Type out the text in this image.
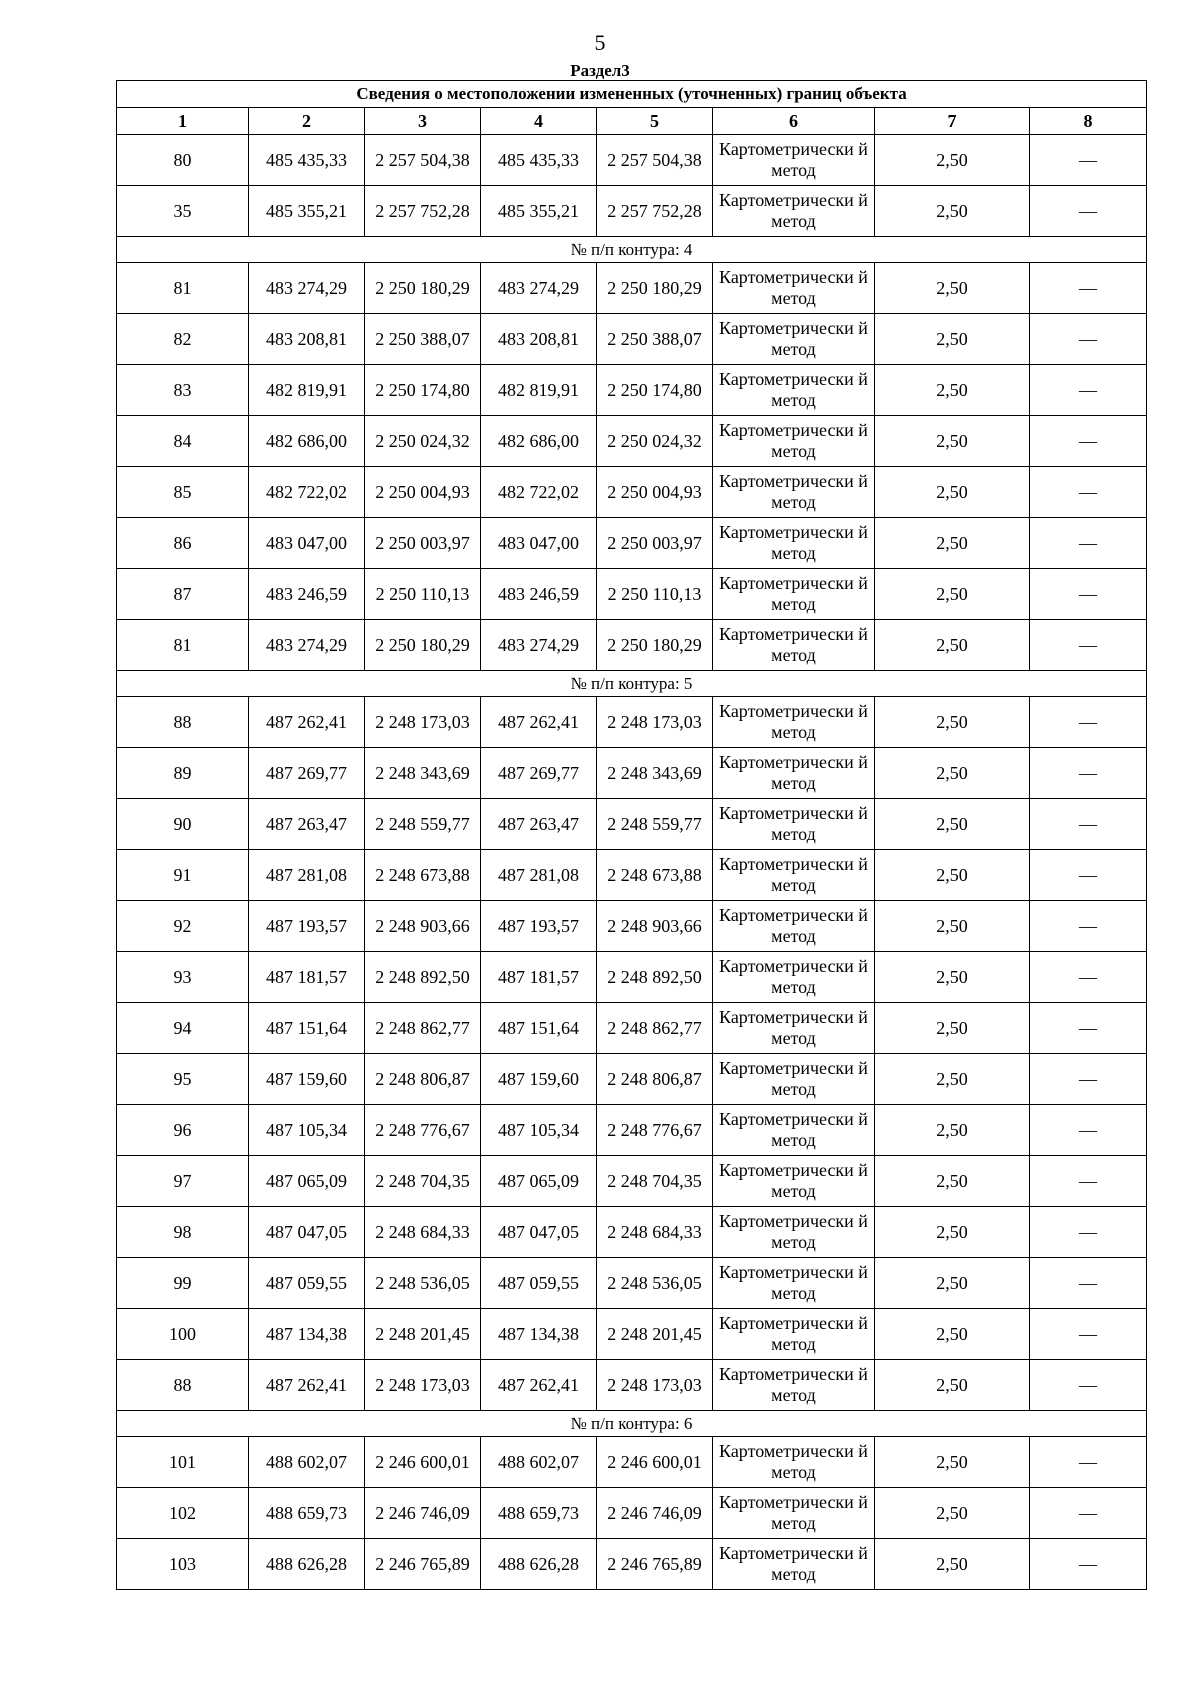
5
Раздел3
Сведения о местоположении измененных (уточненных) границ объекта							
1	2	3	4	5	6	7	8
80	485 435,33	2 257 504,38	485 435,33	2 257 504,38	Картометрически й метод	2,50	—
35	485 355,21	2 257 752,28	485 355,21	2 257 752,28	Картометрически й метод	2,50	—
№ п/п контура: 4							
81	483 274,29	2 250 180,29	483 274,29	2 250 180,29	Картометрически й метод	2,50	—
82	483 208,81	2 250 388,07	483 208,81	2 250 388,07	Картометрически й метод	2,50	—
83	482 819,91	2 250 174,80	482 819,91	2 250 174,80	Картометрически й метод	2,50	—
84	482 686,00	2 250 024,32	482 686,00	2 250 024,32	Картометрически й метод	2,50	—
85	482 722,02	2 250 004,93	482 722,02	2 250 004,93	Картометрически й метод	2,50	—
86	483 047,00	2 250 003,97	483 047,00	2 250 003,97	Картометрически й метод	2,50	—
87	483 246,59	2 250 110,13	483 246,59	2 250 110,13	Картометрически й метод	2,50	—
81	483 274,29	2 250 180,29	483 274,29	2 250 180,29	Картометрически й метод	2,50	—
№ п/п контура: 5							
88	487 262,41	2 248 173,03	487 262,41	2 248 173,03	Картометрически й метод	2,50	—
89	487 269,77	2 248 343,69	487 269,77	2 248 343,69	Картометрически й метод	2,50	—
90	487 263,47	2 248 559,77	487 263,47	2 248 559,77	Картометрически й метод	2,50	—
91	487 281,08	2 248 673,88	487 281,08	2 248 673,88	Картометрически й метод	2,50	—
92	487 193,57	2 248 903,66	487 193,57	2 248 903,66	Картометрически й метод	2,50	—
93	487 181,57	2 248 892,50	487 181,57	2 248 892,50	Картометрически й метод	2,50	—
94	487 151,64	2 248 862,77	487 151,64	2 248 862,77	Картометрически й метод	2,50	—
95	487 159,60	2 248 806,87	487 159,60	2 248 806,87	Картометрически й метод	2,50	—
96	487 105,34	2 248 776,67	487 105,34	2 248 776,67	Картометрически й метод	2,50	—
97	487 065,09	2 248 704,35	487 065,09	2 248 704,35	Картометрически й метод	2,50	—
98	487 047,05	2 248 684,33	487 047,05	2 248 684,33	Картометрически й метод	2,50	—
99	487 059,55	2 248 536,05	487 059,55	2 248 536,05	Картометрически й метод	2,50	—
100	487 134,38	2 248 201,45	487 134,38	2 248 201,45	Картометрически й метод	2,50	—
88	487 262,41	2 248 173,03	487 262,41	2 248 173,03	Картометрически й метод	2,50	—
№ п/п контура: 6							
101	488 602,07	2 246 600,01	488 602,07	2 246 600,01	Картометрически й метод	2,50	—
102	488 659,73	2 246 746,09	488 659,73	2 246 746,09	Картометрически й метод	2,50	—
103	488 626,28	2 246 765,89	488 626,28	2 246 765,89	Картометрически й метод	2,50	—
